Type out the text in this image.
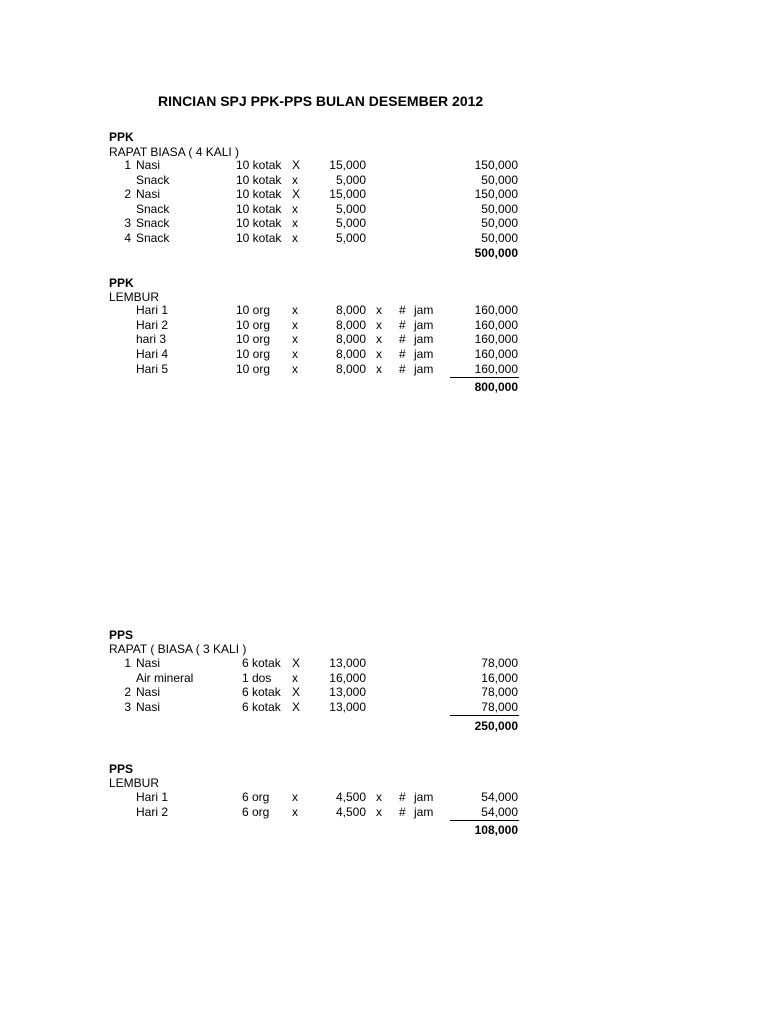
RINCIAN SPJ PPK-PPS BULAN DESEMBER 2012
PPK
RAPAT BIASA ( 4 KALI )
1 Nasi	10 kotak X	15,000	150,000
Snack	10 kotak x	5,000	50,000
2 Nasi	10 kotak X	15,000	150,000
Snack	10 kotak x	5,000	50,000
3 Snack	10 kotak x	5,000	50,000
4 Snack	10 kotak x	5,000	50,000
500,000
PPK
LEMBUR
Hari 1	10 org x	8,000 x # jam	160,000
Hari 2	10 org x	8,000 x # jam	160,000
hari 3	10 org x	8,000 x # jam	160,000
Hari 4	10 org x	8,000 x # jam	160,000
Hari 5	10 org x	8,000 x # jam	160,000
800,000
PPS
RAPAT ( BIASA ( 3 KALI )
1 Nasi	6 kotak X	13,000	78,000
Air mineral	1 dos x	16,000	16,000
2 Nasi	6 kotak X	13,000	78,000
3 Nasi	6 kotak X	13,000	78,000
250,000
PPS
LEMBUR
Hari 1	6 org x	4,500 x # jam	54,000
Hari 2	6 org x	4,500 x # jam	54,000
108,000
